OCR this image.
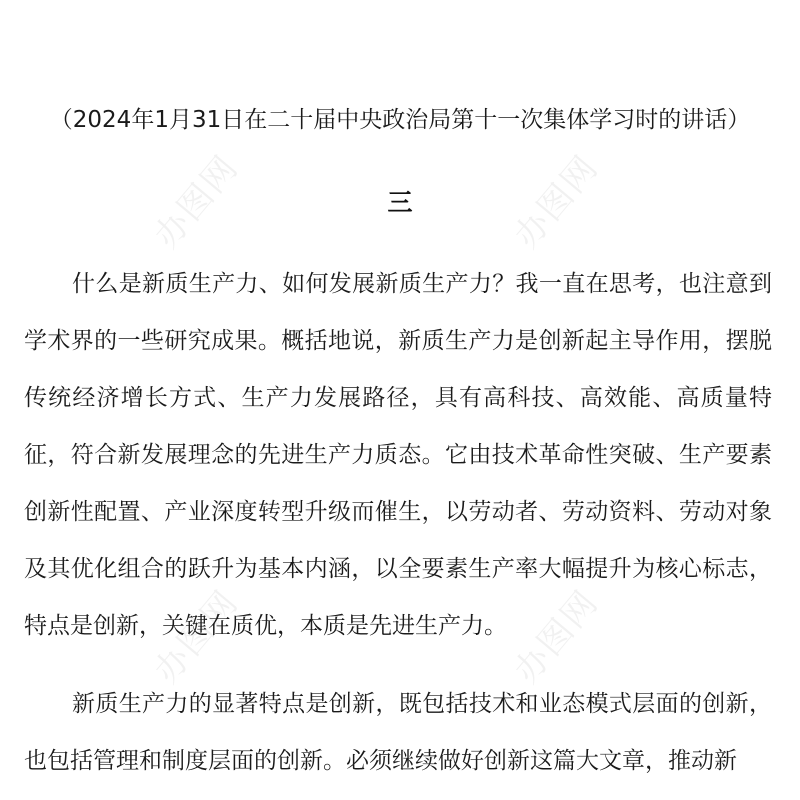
办图网	办图网
办图网	办图网
（2024年1月31日在二十届中央政治局第十一次集体学习时的讲话）
三

什么是新质生产力、如何发展新质生产力？我一直在思考，也注意到学术界的一些研究成果。概括地说，新质生产力是创新起主导作用，摆脱传统经济增长方式、生产力发展路径，具有高科技、高效能、高质量特征，符合新发展理念的先进生产力质态。它由技术革命性突破、生产要素创新性配置、产业深度转型升级而催生，以劳动者、劳动资料、劳动对象及其优化组合的跃升为基本内涵，以全要素生产率大幅提升为核心标志，特点是创新，关键在质优，本质是先进生产力。

新质生产力的显著特点是创新，既包括技术和业态模式层面的创新，也包括管理和制度层面的创新。必须继续做好创新这篇大文章，推动新
